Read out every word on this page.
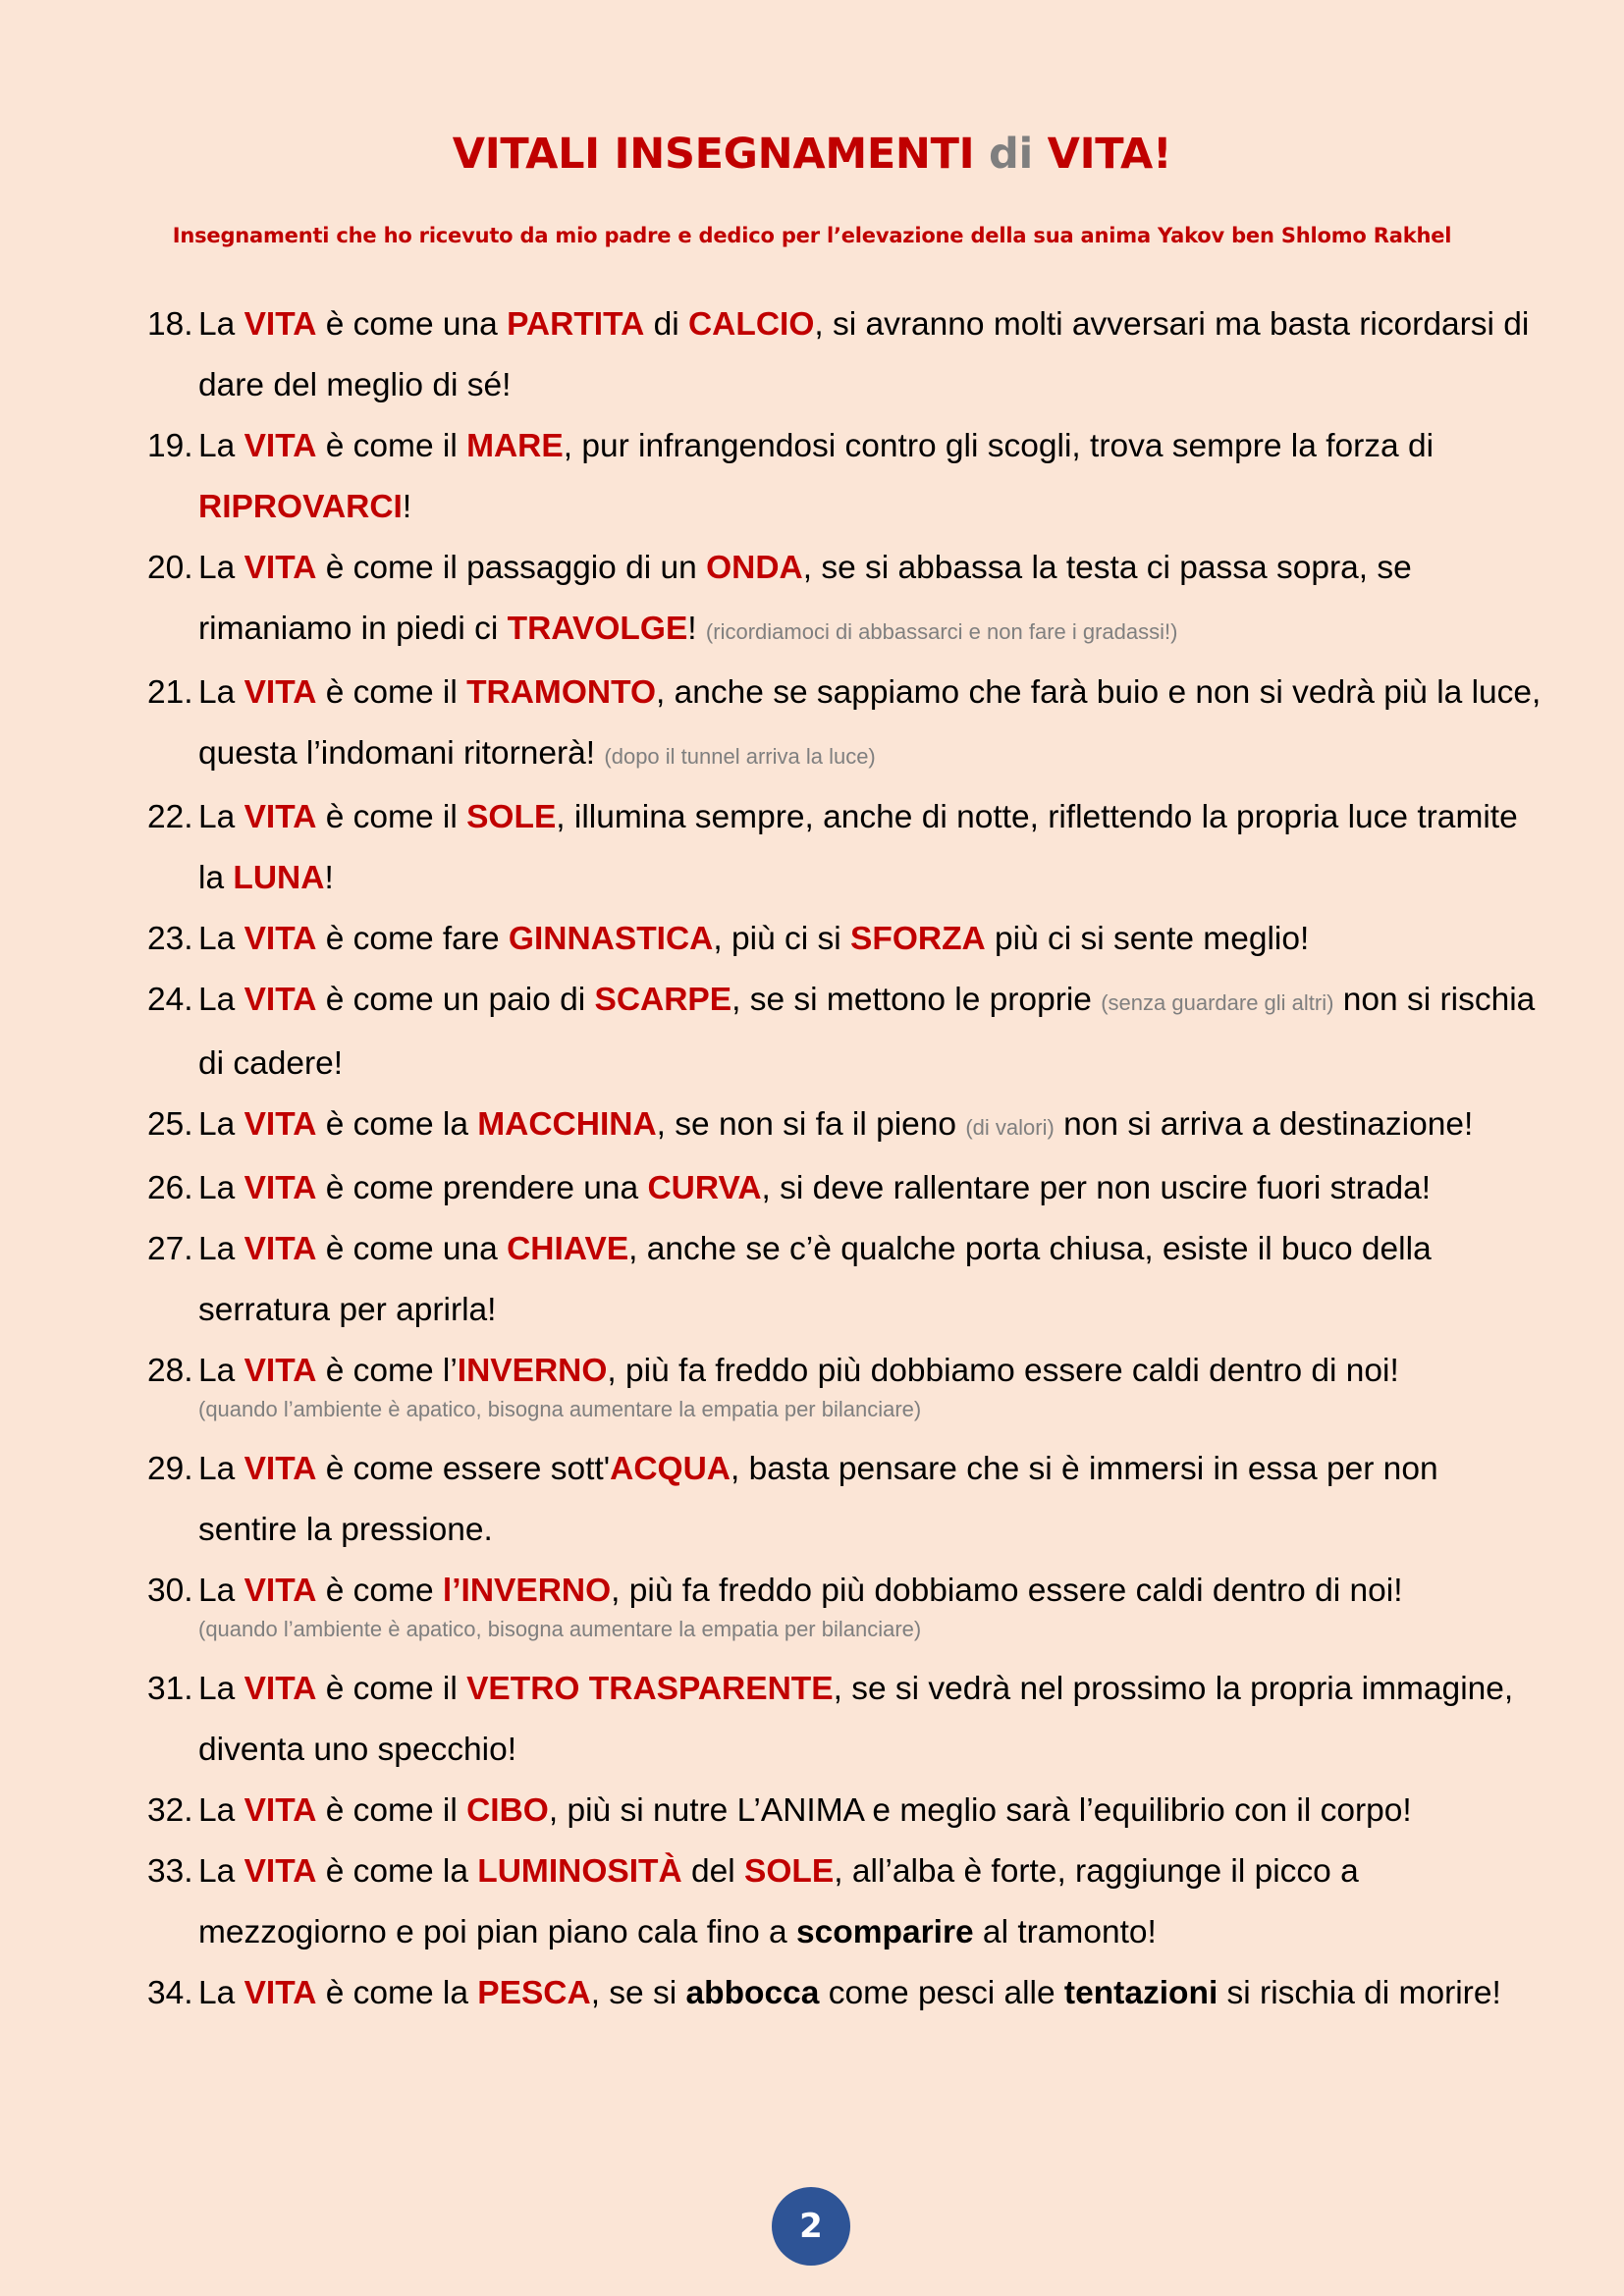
VITALI INSEGNAMENTI di VITA!
Insegnamenti che ho ricevuto da mio padre e dedico per l’elevazione della sua anima Yakov ben Shlomo Rakhel
18. La VITA è come una PARTITA di CALCIO, si avranno molti avversari ma basta ricordarsi di dare del meglio di sé!
19. La VITA è come il MARE, pur infrangendosi contro gli scogli, trova sempre la forza di RIPROVARCI!
20. La VITA è come il passaggio di un ONDA, se si abbassa la testa ci passa sopra, se rimaniamo in piedi ci TRAVOLGE! (ricordiamoci di abbassarci e non fare i gradassi!)
21. La VITA è come il TRAMONTO, anche se sappiamo che farà buio e non si vedrà più la luce, questa l’indomani ritornerà! (dopo il tunnel arriva la luce)
22. La VITA è come il SOLE, illumina sempre, anche di notte, riflettendo la propria luce tramite la LUNA!
23. La VITA è come fare GINNASTICA, più ci si SFORZA più ci si sente meglio!
24. La VITA è come un paio di SCARPE, se si mettono le proprie (senza guardare gli altri) non si rischia di cadere!
25. La VITA è come la MACCHINA, se non si fa il pieno (di valori) non si arriva a destinazione!
26. La VITA è come prendere una CURVA, si deve rallentare per non uscire fuori strada!
27. La VITA è come una CHIAVE, anche se c’è qualche porta chiusa, esiste il buco della serratura per aprirla!
28. La VITA è come l’INVERNO, più fa freddo più dobbiamo essere caldi dentro di noi!
(quando l’ambiente è apatico, bisogna aumentare la empatia per bilanciare)
29. La VITA è come essere sott'ACQUA, basta pensare che si è immersi in essa per non sentire la pressione.
30. La VITA è come l’INVERNO, più fa freddo più dobbiamo essere caldi dentro di noi!
(quando l’ambiente è apatico, bisogna aumentare la empatia per bilanciare)
31. La VITA è come il VETRO TRASPARENTE, se si vedrà nel prossimo la propria immagine, diventa uno specchio!
32. La VITA è come il CIBO, più si nutre L’ANIMA e meglio sarà l’equilibrio con il corpo!
33. La VITA è come la LUMINOSITÀ del SOLE, all’alba è forte, raggiunge il picco a mezzogiorno e poi pian piano cala fino a scomparire al tramonto!
34. La VITA è come la PESCA, se si abbocca come pesci alle tentazioni si rischia di morire!
2
